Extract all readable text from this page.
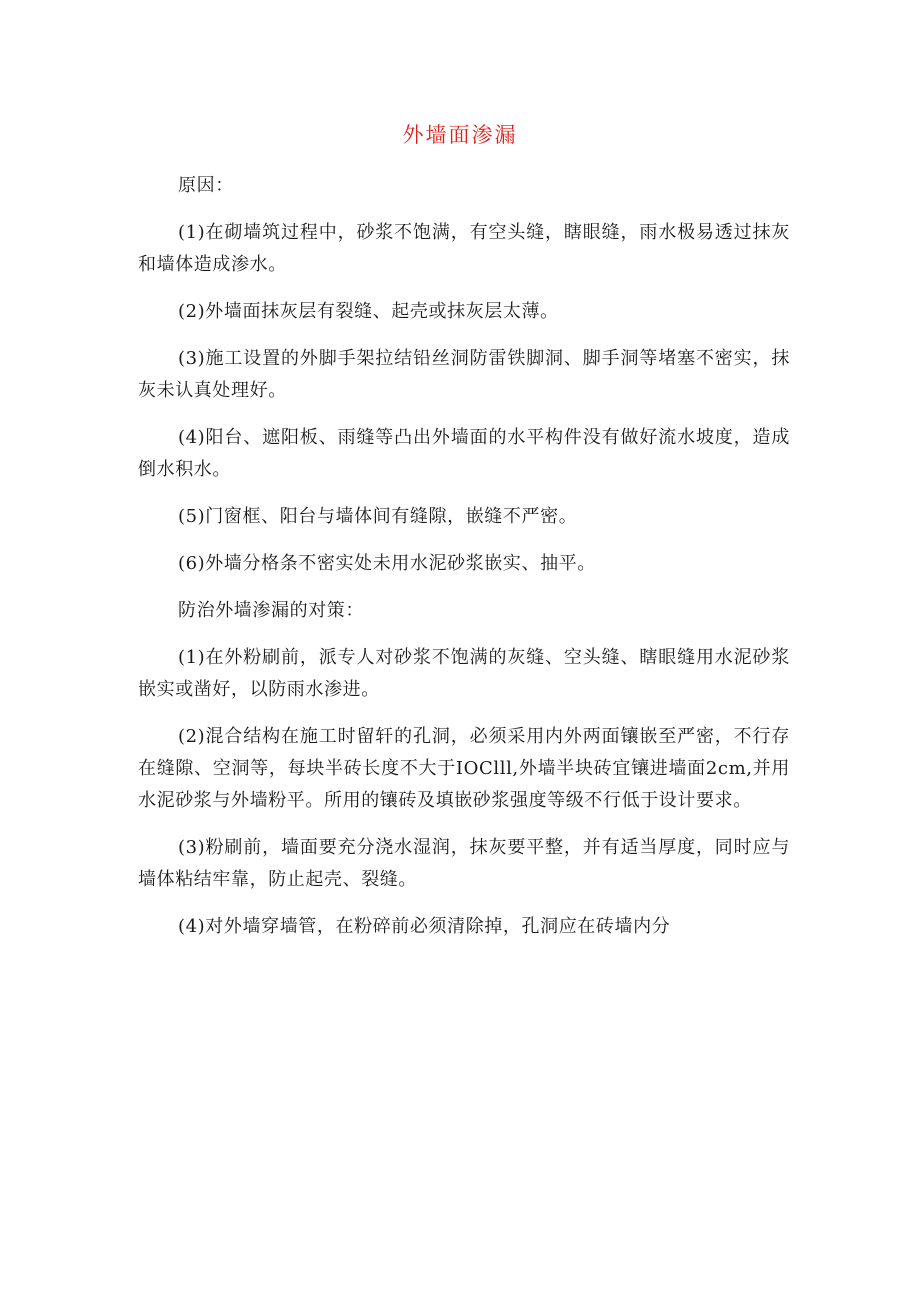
外墙面渗漏

原因：

(1)在砌墙筑过程中，砂浆不饱满，有空头缝，瞎眼缝，雨水极易透过抹灰和墙体造成渗水。

(2)外墙面抹灰层有裂缝、起壳或抹灰层太薄。

(3)施工设置的外脚手架拉结铅丝洞防雷铁脚洞、脚手洞等堵塞不密实，抹灰未认真处理好。

(4)阳台、遮阳板、雨缝等凸出外墙面的水平构件没有做好流水坡度，造成倒水积水。

(5)门窗框、阳台与墙体间有缝隙，嵌缝不严密。

(6)外墙分格条不密实处未用水泥砂浆嵌实、抽平。

防治外墙渗漏的对策：

(1)在外粉刷前，派专人对砂浆不饱满的灰缝、空头缝、瞎眼缝用水泥砂浆嵌实或凿好，以防雨水渗进。

(2)混合结构在施工时留轩的孔洞，必须采用内外两面镶嵌至严密，不行存在缝隙、空洞等，每块半砖长度不大于IOClll,外墙半块砖宜镶进墙面2cm,并用水泥砂浆与外墙粉平。所用的镶砖及填嵌砂浆强度等级不行低于设计要求。

(3)粉刷前，墙面要充分浇水湿润，抹灰要平整，并有适当厚度，同时应与墙体粘结牢靠，防止起壳、裂缝。

(4)对外墙穿墙管，在粉碎前必须清除掉，孔洞应在砖墙内分
